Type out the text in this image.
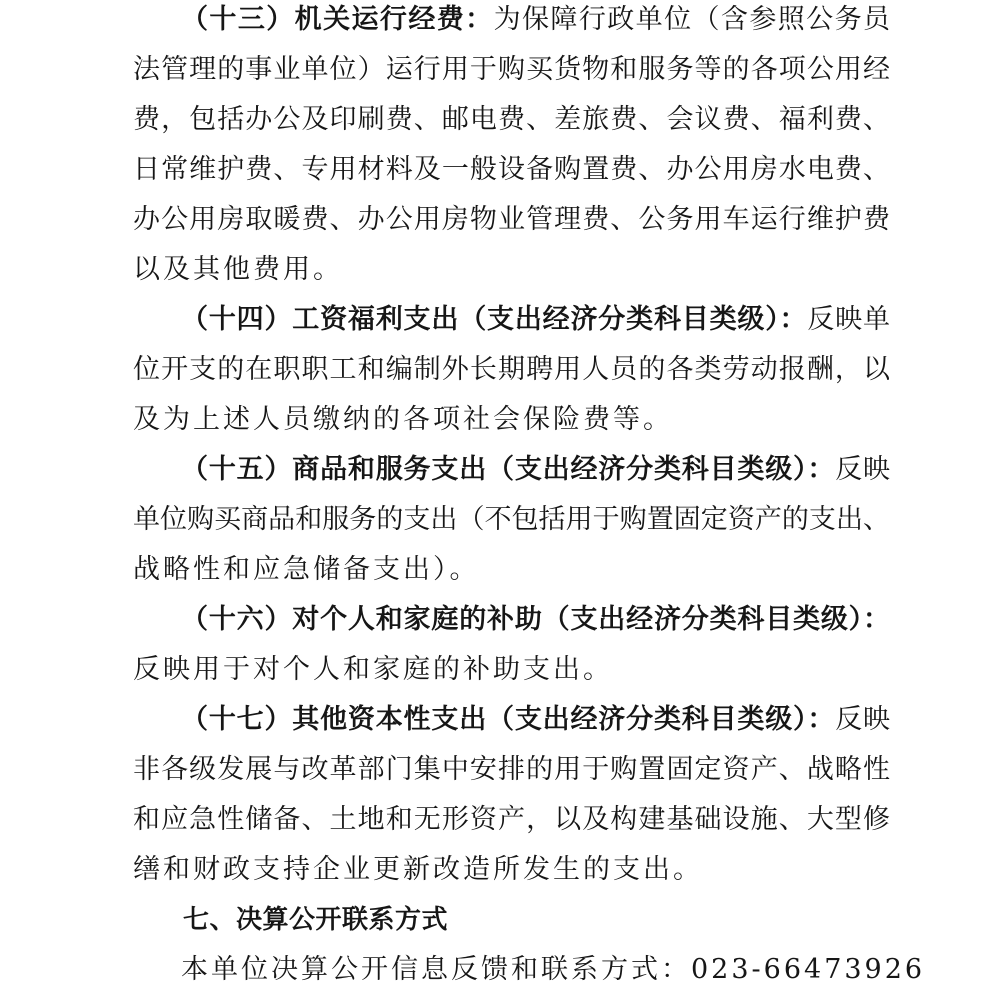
（十三）机关运行经费：为保障行政单位（含参照公务员
法管理的事业单位）运行用于购买货物和服务等的各项公用经
费，包括办公及印刷费、邮电费、差旅费、会议费、福利费、
日常维护费、专用材料及一般设备购置费、办公用房水电费、
办公用房取暖费、办公用房物业管理费、公务用车运行维护费
以及其他费用。
（十四）工资福利支出（支出经济分类科目类级）：反映单
位开支的在职职工和编制外长期聘用人员的各类劳动报酬，以
及为上述人员缴纳的各项社会保险费等。
（十五）商品和服务支出（支出经济分类科目类级）：反映
单位购买商品和服务的支出（不包括用于购置固定资产的支出、
战略性和应急储备支出）。
（十六）对个人和家庭的补助（支出经济分类科目类级）：
反映用于对个人和家庭的补助支出。
（十七）其他资本性支出（支出经济分类科目类级）：反映
非各级发展与改革部门集中安排的用于购置固定资产、战略性
和应急性储备、土地和无形资产，以及构建基础设施、大型修
缮和财政支持企业更新改造所发生的支出。
七、决算公开联系方式
本单位决算公开信息反馈和联系方式：023-66473926
